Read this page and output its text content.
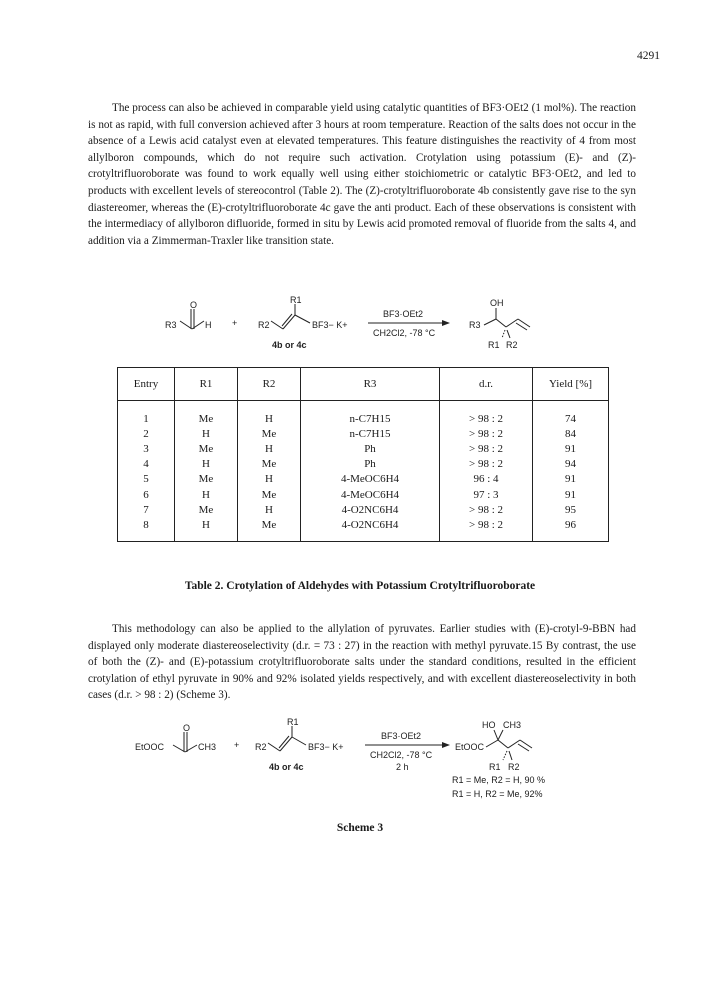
4291

The process can also be achieved in comparable yield using catalytic quantities of BF3·OEt2 (1 mol%). The reaction is not as rapid, with full conversion achieved after 3 hours at room temperature. Reaction of the salts does not occur in the absence of a Lewis acid catalyst even at elevated temperatures. This feature distinguishes the reactivity of 4 from most allylboron compounds, which do not require such activation. Crotylation using potassium (E)- and (Z)-crotyltrifluoroborate was found to work equally well using either stoichiometric or catalytic BF3·OEt2, and led to products with excellent levels of stereocontrol (Table 2). The (Z)-crotyltrifluoroborate 4b consistently gave rise to the syn diastereomer, whereas the (E)-crotyltrifluoroborate 4c gave the anti product. Each of these observations is consistent with the intermediacy of allylboron difluoride, formed in situ by Lewis acid promoted removal of fluoride from the salts 4, and addition via a Zimmerman-Traxler like transition state.

O
R3	H +
R1
R2	BF3− K+
4b or 4c
BF3·OEt2
CH2Cl2, -78 °C
OH
R3
R1 R2
Entry	R1	R2	R3	d.r.	Yield [%]
1	Me	H	n-C7H15	> 98 : 2	74
2	H	Me	n-C7H15	> 98 : 2	84
3	Me	H	Ph	> 98 : 2	91
4	H	Me	Ph	> 98 : 2	94
5	Me	H	4-MeOC6H4	96 : 4	91
6	H	Me	4-MeOC6H4	97 : 3	91
7	Me	H	4-O2NC6H4	> 98 : 2	95
8	H	Me	4-O2NC6H4	> 98 : 2	96
Table 2. Crotylation of Aldehydes with Potassium Crotyltrifluoroborate

This methodology can also be applied to the allylation of pyruvates. Earlier studies with (E)-crotyl-9-BBN had displayed only moderate diastereoselectivity (d.r. = 73 : 27) in the reaction with methyl pyruvate.15 By contrast, the use of both the (Z)- and (E)-potassium crotyltrifluoroborate salts under the standard conditions, resulted in the efficient crotylation of ethyl pyruvate in 90% and 92% isolated yields respectively, and with excellent diastereoselectivity in both cases (d.r. > 98 : 2) (Scheme 3).

O
EtOOC	CH3 +
R1
R2	BF3− K+
4b or 4c
BF3·OEt2
CH2Cl2, -78 °C
2 h
HO CH3
EtOOC
R1 R2
R1 = Me, R2 = H, 90 %
R1 = H, R2 = Me, 92%
Scheme 3
